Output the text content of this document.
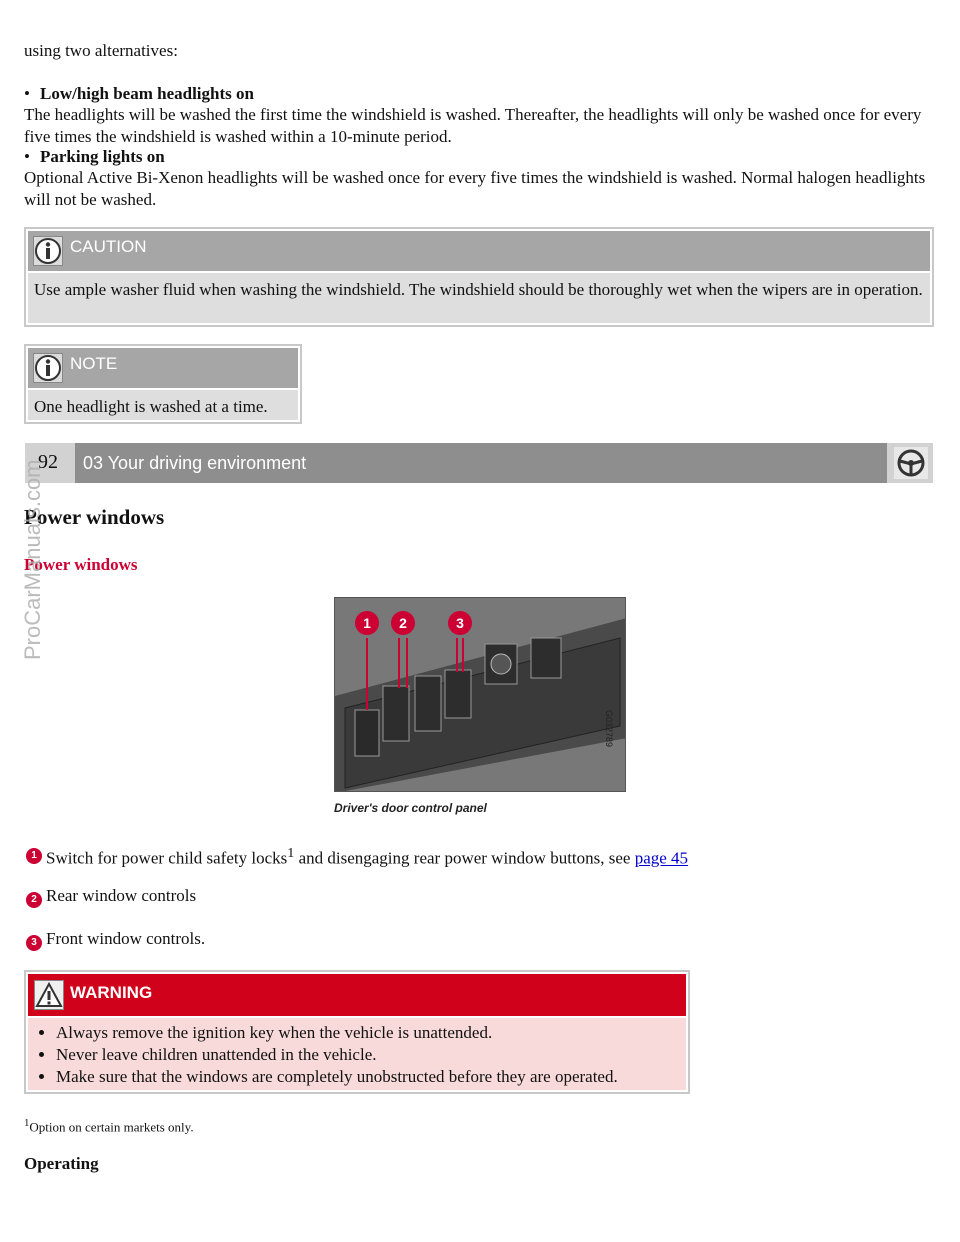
using two alternatives:
• Low/high beam headlights on
The headlights will be washed the first time the windshield is washed. Thereafter, the headlights will only be washed once for every five times the windshield is washed within a 10-minute period.
• Parking lights on
Optional Active Bi-Xenon headlights will be washed once for every five times the windshield is washed. Normal halogen headlights will not be washed.
CAUTION
Use ample washer fluid when washing the windshield. The windshield should be thoroughly wet when the wipers are in operation.
NOTE
One headlight is washed at a time.
92	03 Your driving environment
Power windows
Power windows
1 2	3
Driver's door control panel
G032789
1 Switch for power child safety locks$^1$ and disengaging rear power window buttons, see page 45
2 Rear window controls
3 Front window controls.
WARNING
• Always remove the ignition key when the vehicle is unattended.
• Never leave children unattended in the vehicle.
• Make sure that the windows are completely unobstructed before they are operated.
$^1$Option on certain markets only.
Operating
ProCarManuals.com
